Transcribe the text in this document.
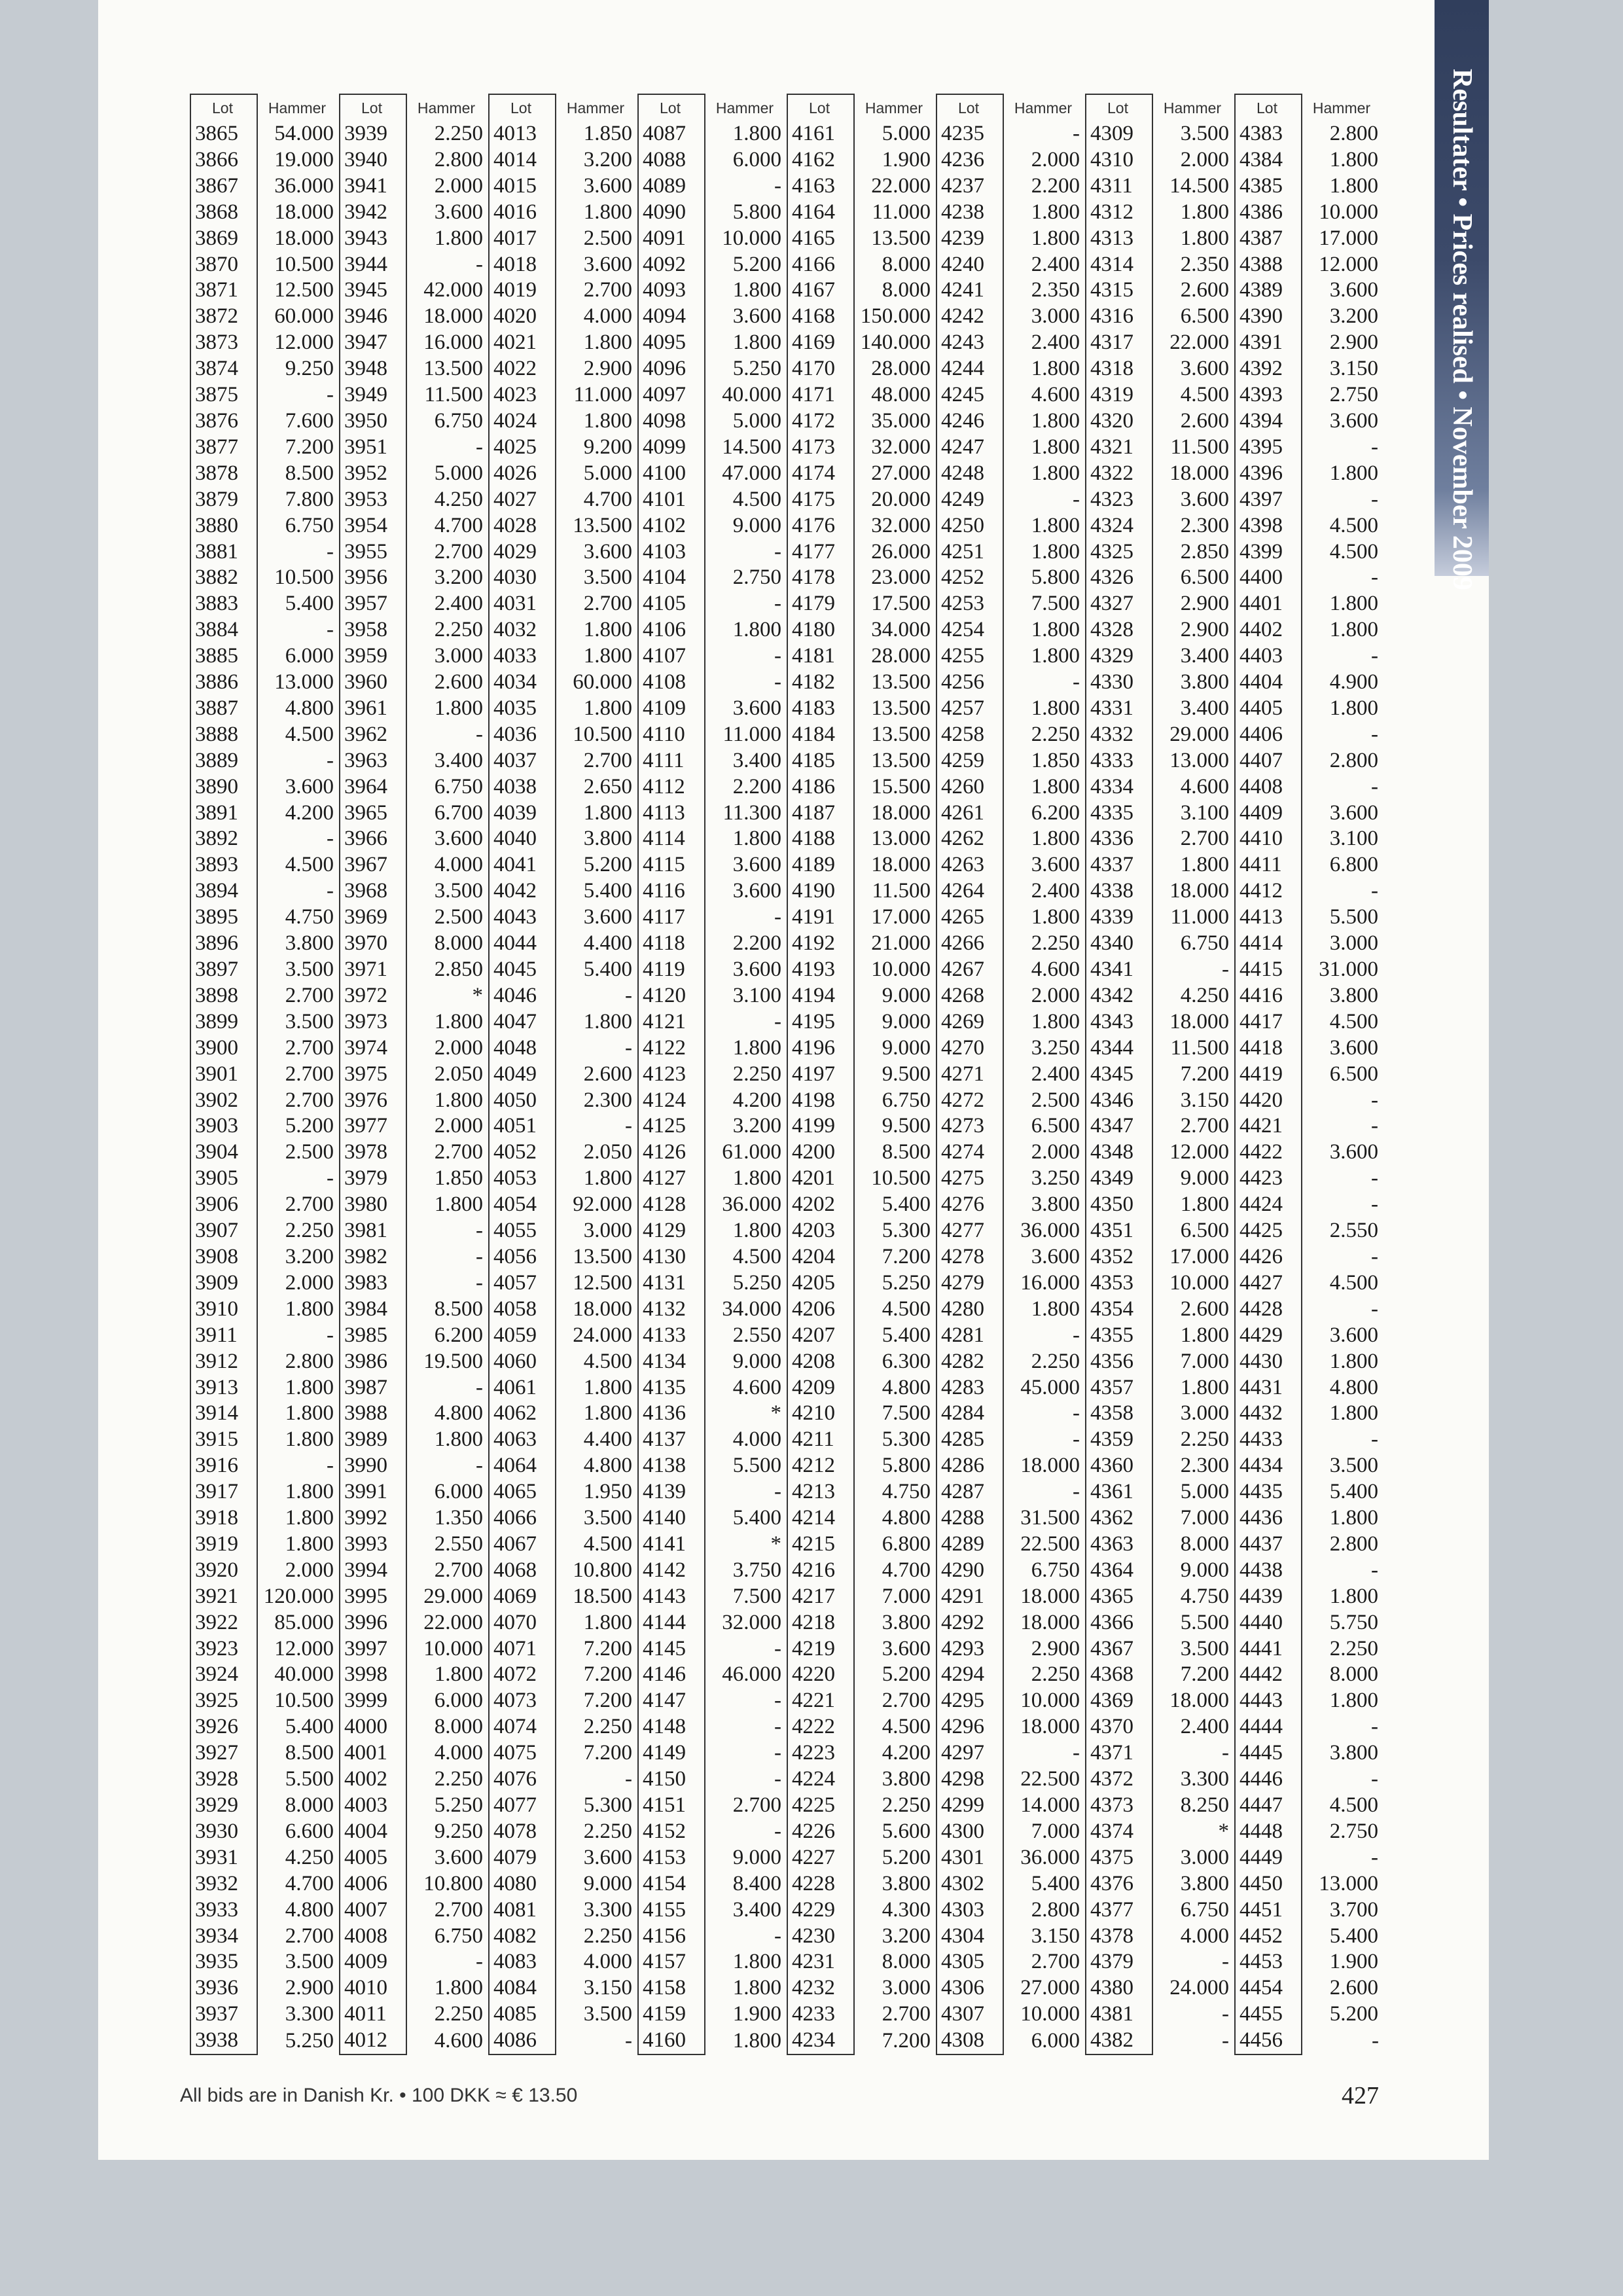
Resultater • Prices realised • November 2009
Lot	Hammer	Lot	Hammer	Lot	Hammer	Lot	Hammer	Lot	Hammer	Lot	Hammer	Lot	Hammer	Lot	Hammer
3865	54.000	3939	2.250	4013	1.850	4087	1.800	4161	5.000	4235	-	4309	3.500	4383	2.800
3866	19.000	3940	2.800	4014	3.200	4088	6.000	4162	1.900	4236	2.000	4310	2.000	4384	1.800
3867	36.000	3941	2.000	4015	3.600	4089	-	4163	22.000	4237	2.200	4311	14.500	4385	1.800
3868	18.000	3942	3.600	4016	1.800	4090	5.800	4164	11.000	4238	1.800	4312	1.800	4386	10.000
3869	18.000	3943	1.800	4017	2.500	4091	10.000	4165	13.500	4239	1.800	4313	1.800	4387	17.000
3870	10.500	3944	-	4018	3.600	4092	5.200	4166	8.000	4240	2.400	4314	2.350	4388	12.000
3871	12.500	3945	42.000	4019	2.700	4093	1.800	4167	8.000	4241	2.350	4315	2.600	4389	3.600
3872	60.000	3946	18.000	4020	4.000	4094	3.600	4168	150.000	4242	3.000	4316	6.500	4390	3.200
3873	12.000	3947	16.000	4021	1.800	4095	1.800	4169	140.000	4243	2.400	4317	22.000	4391	2.900
3874	9.250	3948	13.500	4022	2.900	4096	5.250	4170	28.000	4244	1.800	4318	3.600	4392	3.150
3875	-	3949	11.500	4023	11.000	4097	40.000	4171	48.000	4245	4.600	4319	4.500	4393	2.750
3876	7.600	3950	6.750	4024	1.800	4098	5.000	4172	35.000	4246	1.800	4320	2.600	4394	3.600
3877	7.200	3951	-	4025	9.200	4099	14.500	4173	32.000	4247	1.800	4321	11.500	4395	-
3878	8.500	3952	5.000	4026	5.000	4100	47.000	4174	27.000	4248	1.800	4322	18.000	4396	1.800
3879	7.800	3953	4.250	4027	4.700	4101	4.500	4175	20.000	4249	-	4323	3.600	4397	-
3880	6.750	3954	4.700	4028	13.500	4102	9.000	4176	32.000	4250	1.800	4324	2.300	4398	4.500
3881	-	3955	2.700	4029	3.600	4103	-	4177	26.000	4251	1.800	4325	2.850	4399	4.500
3882	10.500	3956	3.200	4030	3.500	4104	2.750	4178	23.000	4252	5.800	4326	6.500	4400	-
3883	5.400	3957	2.400	4031	2.700	4105	-	4179	17.500	4253	7.500	4327	2.900	4401	1.800
3884	-	3958	2.250	4032	1.800	4106	1.800	4180	34.000	4254	1.800	4328	2.900	4402	1.800
3885	6.000	3959	3.000	4033	1.800	4107	-	4181	28.000	4255	1.800	4329	3.400	4403	-
3886	13.000	3960	2.600	4034	60.000	4108	-	4182	13.500	4256	-	4330	3.800	4404	4.900
3887	4.800	3961	1.800	4035	1.800	4109	3.600	4183	13.500	4257	1.800	4331	3.400	4405	1.800
3888	4.500	3962	-	4036	10.500	4110	11.000	4184	13.500	4258	2.250	4332	29.000	4406	-
3889	-	3963	3.400	4037	2.700	4111	3.400	4185	13.500	4259	1.850	4333	13.000	4407	2.800
3890	3.600	3964	6.750	4038	2.650	4112	2.200	4186	15.500	4260	1.800	4334	4.600	4408	-
3891	4.200	3965	6.700	4039	1.800	4113	11.300	4187	18.000	4261	6.200	4335	3.100	4409	3.600
3892	-	3966	3.600	4040	3.800	4114	1.800	4188	13.000	4262	1.800	4336	2.700	4410	3.100
3893	4.500	3967	4.000	4041	5.200	4115	3.600	4189	18.000	4263	3.600	4337	1.800	4411	6.800
3894	-	3968	3.500	4042	5.400	4116	3.600	4190	11.500	4264	2.400	4338	18.000	4412	-
3895	4.750	3969	2.500	4043	3.600	4117	-	4191	17.000	4265	1.800	4339	11.000	4413	5.500
3896	3.800	3970	8.000	4044	4.400	4118	2.200	4192	21.000	4266	2.250	4340	6.750	4414	3.000
3897	3.500	3971	2.850	4045	5.400	4119	3.600	4193	10.000	4267	4.600	4341	-	4415	31.000
3898	2.700	3972	*	4046	-	4120	3.100	4194	9.000	4268	2.000	4342	4.250	4416	3.800
3899	3.500	3973	1.800	4047	1.800	4121	-	4195	9.000	4269	1.800	4343	18.000	4417	4.500
3900	2.700	3974	2.000	4048	-	4122	1.800	4196	9.000	4270	3.250	4344	11.500	4418	3.600
3901	2.700	3975	2.050	4049	2.600	4123	2.250	4197	9.500	4271	2.400	4345	7.200	4419	6.500
3902	2.700	3976	1.800	4050	2.300	4124	4.200	4198	6.750	4272	2.500	4346	3.150	4420	-
3903	5.200	3977	2.000	4051	-	4125	3.200	4199	9.500	4273	6.500	4347	2.700	4421	-
3904	2.500	3978	2.700	4052	2.050	4126	61.000	4200	8.500	4274	2.000	4348	12.000	4422	3.600
3905	-	3979	1.850	4053	1.800	4127	1.800	4201	10.500	4275	3.250	4349	9.000	4423	-
3906	2.700	3980	1.800	4054	92.000	4128	36.000	4202	5.400	4276	3.800	4350	1.800	4424	-
3907	2.250	3981	-	4055	3.000	4129	1.800	4203	5.300	4277	36.000	4351	6.500	4425	2.550
3908	3.200	3982	-	4056	13.500	4130	4.500	4204	7.200	4278	3.600	4352	17.000	4426	-
3909	2.000	3983	-	4057	12.500	4131	5.250	4205	5.250	4279	16.000	4353	10.000	4427	4.500
3910	1.800	3984	8.500	4058	18.000	4132	34.000	4206	4.500	4280	1.800	4354	2.600	4428	-
3911	-	3985	6.200	4059	24.000	4133	2.550	4207	5.400	4281	-	4355	1.800	4429	3.600
3912	2.800	3986	19.500	4060	4.500	4134	9.000	4208	6.300	4282	2.250	4356	7.000	4430	1.800
3913	1.800	3987	-	4061	1.800	4135	4.600	4209	4.800	4283	45.000	4357	1.800	4431	4.800
3914	1.800	3988	4.800	4062	1.800	4136	*	4210	7.500	4284	-	4358	3.000	4432	1.800
3915	1.800	3989	1.800	4063	4.400	4137	4.000	4211	5.300	4285	-	4359	2.250	4433	-
3916	-	3990	-	4064	4.800	4138	5.500	4212	5.800	4286	18.000	4360	2.300	4434	3.500
3917	1.800	3991	6.000	4065	1.950	4139	-	4213	4.750	4287	-	4361	5.000	4435	5.400
3918	1.800	3992	1.350	4066	3.500	4140	5.400	4214	4.800	4288	31.500	4362	7.000	4436	1.800
3919	1.800	3993	2.550	4067	4.500	4141	*	4215	6.800	4289	22.500	4363	8.000	4437	2.800
3920	2.000	3994	2.700	4068	10.800	4142	3.750	4216	4.700	4290	6.750	4364	9.000	4438	-
3921	120.000	3995	29.000	4069	18.500	4143	7.500	4217	7.000	4291	18.000	4365	4.750	4439	1.800
3922	85.000	3996	22.000	4070	1.800	4144	32.000	4218	3.800	4292	18.000	4366	5.500	4440	5.750
3923	12.000	3997	10.000	4071	7.200	4145	-	4219	3.600	4293	2.900	4367	3.500	4441	2.250
3924	40.000	3998	1.800	4072	7.200	4146	46.000	4220	5.200	4294	2.250	4368	7.200	4442	8.000
3925	10.500	3999	6.000	4073	7.200	4147	-	4221	2.700	4295	10.000	4369	18.000	4443	1.800
3926	5.400	4000	8.000	4074	2.250	4148	-	4222	4.500	4296	18.000	4370	2.400	4444	-
3927	8.500	4001	4.000	4075	7.200	4149	-	4223	4.200	4297	-	4371	-	4445	3.800
3928	5.500	4002	2.250	4076	-	4150	-	4224	3.800	4298	22.500	4372	3.300	4446	-
3929	8.000	4003	5.250	4077	5.300	4151	2.700	4225	2.250	4299	14.000	4373	8.250	4447	4.500
3930	6.600	4004	9.250	4078	2.250	4152	-	4226	5.600	4300	7.000	4374	*	4448	2.750
3931	4.250	4005	3.600	4079	3.600	4153	9.000	4227	5.200	4301	36.000	4375	3.000	4449	-
3932	4.700	4006	10.800	4080	9.000	4154	8.400	4228	3.800	4302	5.400	4376	3.800	4450	13.000
3933	4.800	4007	2.700	4081	3.300	4155	3.400	4229	4.300	4303	2.800	4377	6.750	4451	3.700
3934	2.700	4008	6.750	4082	2.250	4156	-	4230	3.200	4304	3.150	4378	4.000	4452	5.400
3935	3.500	4009	-	4083	4.000	4157	1.800	4231	8.000	4305	2.700	4379	-	4453	1.900
3936	2.900	4010	1.800	4084	3.150	4158	1.800	4232	3.000	4306	27.000	4380	24.000	4454	2.600
3937	3.300	4011	2.250	4085	3.500	4159	1.900	4233	2.700	4307	10.000	4381	-	4455	5.200
3938	5.250	4012	4.600	4086	-	4160	1.800	4234	7.200	4308	6.000	4382	-	4456	-
All bids are in Danish Kr. • 100 DKK ≈ € 13.50	427
